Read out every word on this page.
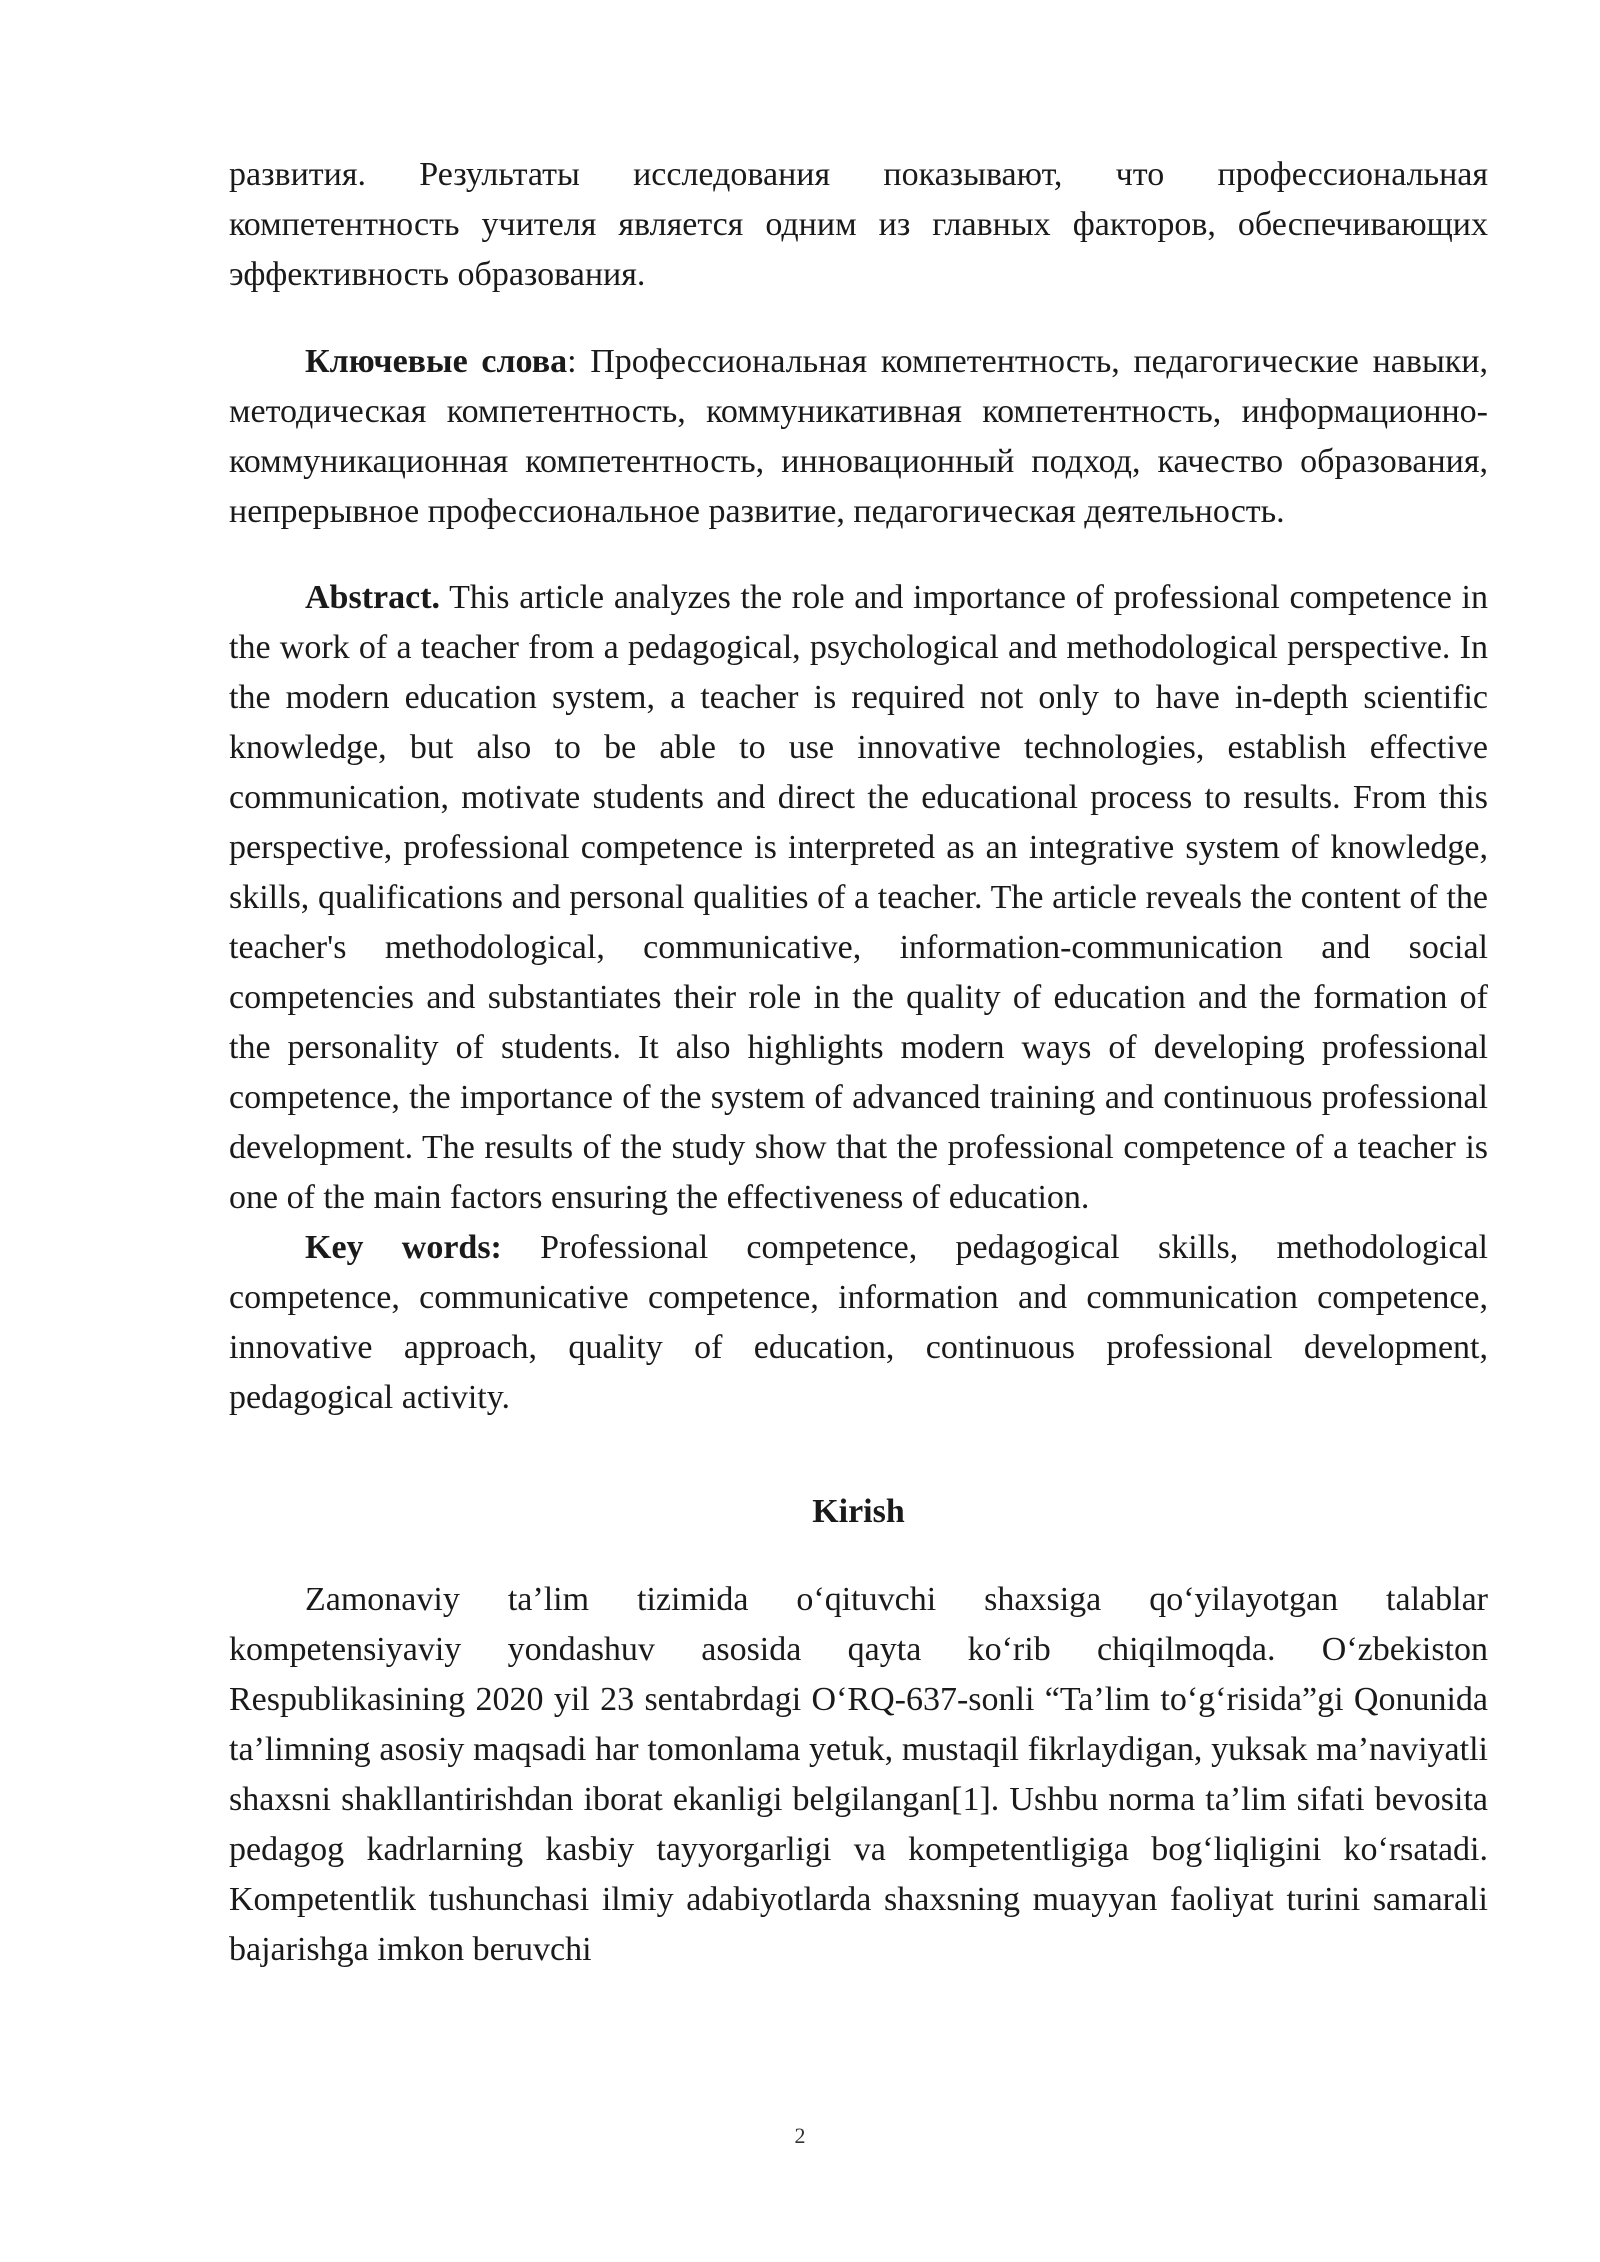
развития. Результаты исследования показывают, что профессиональная компетентность учителя является одним из главных факторов, обеспечивающих эффективность образования.

Ключевые слова: Профессиональная компетентность, педагогические навыки, методическая компетентность, коммуникативная компетентность, информационно-коммуникационная компетентность, инновационный подход, качество образования, непрерывное профессиональное развитие, педагогическая деятельность.

Abstract. This article analyzes the role and importance of professional competence in the work of a teacher from a pedagogical, psychological and methodological perspective. In the modern education system, a teacher is required not only to have in-depth scientific knowledge, but also to be able to use innovative technologies, establish effective communication, motivate students and direct the educational process to results. From this perspective, professional competence is interpreted as an integrative system of knowledge, skills, qualifications and personal qualities of a teacher. The article reveals the content of the teacher's methodological, communicative, information-communication and social competencies and substantiates their role in the quality of education and the formation of the personality of students. It also highlights modern ways of developing professional competence, the importance of the system of advanced training and continuous professional development. The results of the study show that the professional competence of a teacher is one of the main factors ensuring the effectiveness of education.

Key words: Professional competence, pedagogical skills, methodological competence, communicative competence, information and communication competence, innovative approach, quality of education, continuous professional development, pedagogical activity.

Kirish

Zamonaviy ta’lim tizimida o‘qituvchi shaxsiga qo‘yilayotgan talablar kompetensiyaviy yondashuv asosida qayta ko‘rib chiqilmoqda. O‘zbekiston Respublikasining 2020 yil 23 sentabrdagi O‘RQ-637-sonli “Ta’lim to‘g‘risida”gi Qonunida ta’limning asosiy maqsadi har tomonlama yetuk, mustaqil fikrlaydigan, yuksak ma’naviyatli shaxsni shakllantirishdan iborat ekanligi belgilangan[1]. Ushbu norma ta’lim sifati bevosita pedagog kadrlarning kasbiy tayyorgarligi va kompetentligiga bog‘liqligini ko‘rsatadi. Kompetentlik tushunchasi ilmiy adabiyotlarda shaxsning muayyan faoliyat turini samarali bajarishga imkon beruvchi

2
